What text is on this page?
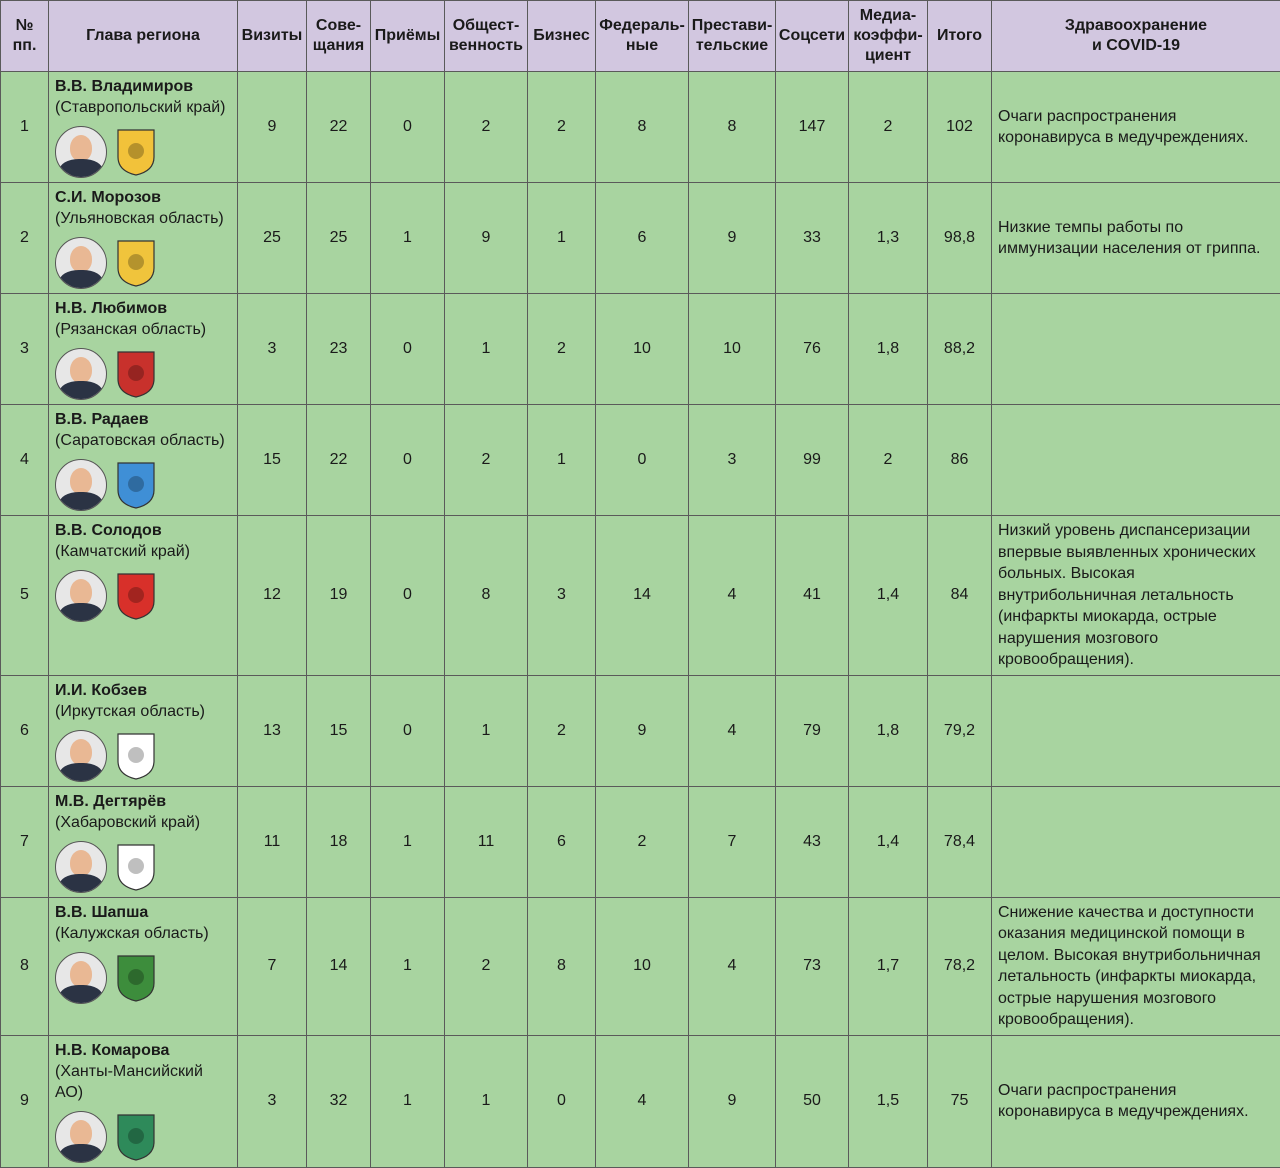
№
пп.	Глава региона	Визиты	Сове-
щания	Приёмы	Общест-
венность	Бизнес	Федераль-
ные	Престави-
тельские	Соцсети	Медиа-
коэффи-
циент	Итого	Здравоохранение
и COVID-19

1	В.В. Владимиров
(Ставропольский край)	9	22	0	2	2	8	8	147	2	102	Очаги распространения коронавируса в медучреждениях.
2	С.И. Морозов
(Ульяновская область)	25	25	1	9	1	6	9	33	1,3	98,8	Низкие темпы работы по иммунизации населения от гриппа.
3	Н.В. Любимов
(Рязанская область)	3	23	0	1	2	10	10	76	1,8	88,2	
4	В.В. Радаев
(Саратовская область)	15	22	0	2	1	0	3	99	2	86	
5	В.В. Солодов
(Камчатский край)	12	19	0	8	3	14	4	41	1,4	84	Низкий уровень диспансеризации впервые выявленных хронических больных. Высокая внутрибольничная летальность (инфаркты миокарда, острые нарушения мозгового кровообращения).
6	И.И. Кобзев
(Иркутская область)	13	15	0	1	2	9	4	79	1,8	79,2	
7	М.В. Дегтярёв
(Хабаровский край)	11	18	1	11	6	2	7	43	1,4	78,4	
8	В.В. Шапша
(Калужская область)	7	14	1	2	8	10	4	73	1,7	78,2	Снижение качества и доступности оказания медицинской помощи в целом. Высокая внутрибольничная летальность (инфаркты миокарда, острые нарушения мозгового кровообращения).
9	Н.В. Комарова
(Ханты-Мансийский АО)	3	32	1	1	0	4	9	50	1,5	75	Очаги распространения коронавируса в медучреждениях.
